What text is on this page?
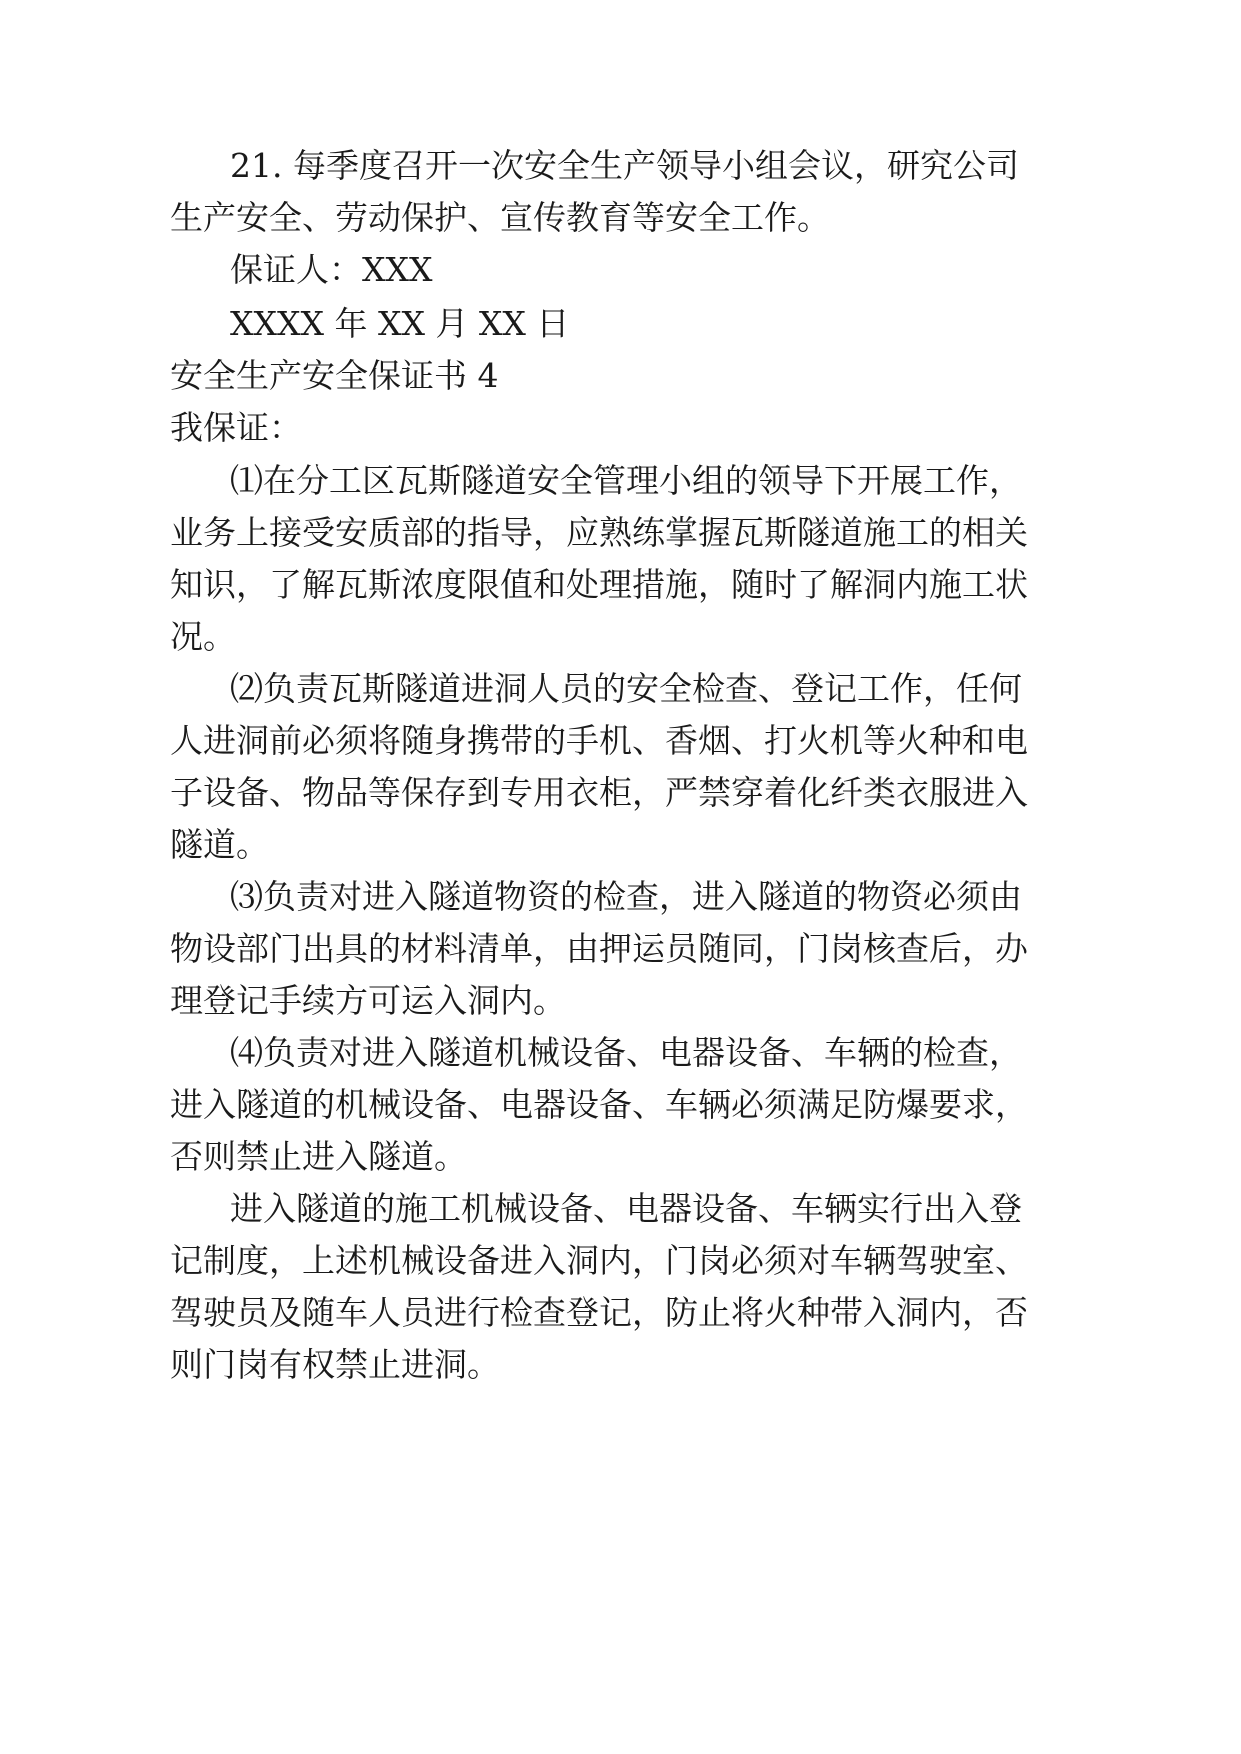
2 1 .
每 季 度 召 开 一 次 安 全 生 产 领 导 小 组 会 议 ， 研 究 公 司
生产安全、劳动保护、宣传教育等安全工作。
保证人：XXX
XXXX 年 XX 月 XX 日
安全生产安全保证书 4
我保证：
⑴ 在 分 工 区 瓦 斯 隧 道 安 全 管 理 小 组 的 领 导 下 开 展 工 作 ，
业 务 上 接 受 安 质 部 的 指 导 ， 应 熟 练 掌 握 瓦 斯 隧 道 施 工 的 相 关
知 识 ， 了 解 瓦 斯 浓 度 限 值 和 处 理 措 施 ， 随 时 了 解 洞 内 施 工 状
况。
⑵ 负 责 瓦 斯 隧 道 进 洞 人 员 的 安 全 检 查 、 登 记 工 作 ， 任 何
人 进 洞 前 必 须 将 随 身 携 带 的 手 机 、 香 烟 、 打 火 机 等 火 种 和 电
子 设 备 、 物 品 等 保 存 到 专 用 衣 柜 ， 严 禁 穿 着 化 纤 类 衣 服 进 入
隧道。
⑶ 负 责 对 进 入 隧 道 物 资 的 检 查 ， 进 入 隧 道 的 物 资 必 须 由
物 设 部 门 出 具 的 材 料 清 单 ， 由 押 运 员 随 同 ， 门 岗 核 查 后 ， 办
理登记手续方可运入洞内。
⑷ 负 责 对 进 入 隧 道 机 械 设 备 、 电 器 设 备 、 车 辆 的 检 查 ，
进 入 隧 道 的 机 械 设 备 、 电 器 设 备 、 车 辆 必 须 满 足 防 爆 要 求 ，
否则禁止进入隧道。
进 入 隧 道 的 施 工 机 械 设 备 、 电 器 设 备 、 车 辆 实 行 出 入 登
记 制 度 ， 上 述 机 械 设 备 进 入 洞 内 ， 门 岗 必 须 对 车 辆 驾 驶 室 、
驾 驶 员 及 随 车 人 员 进 行 检 查 登 记 ， 防 止 将 火 种 带 入 洞 内 ， 否
则门岗有权禁止进洞。
